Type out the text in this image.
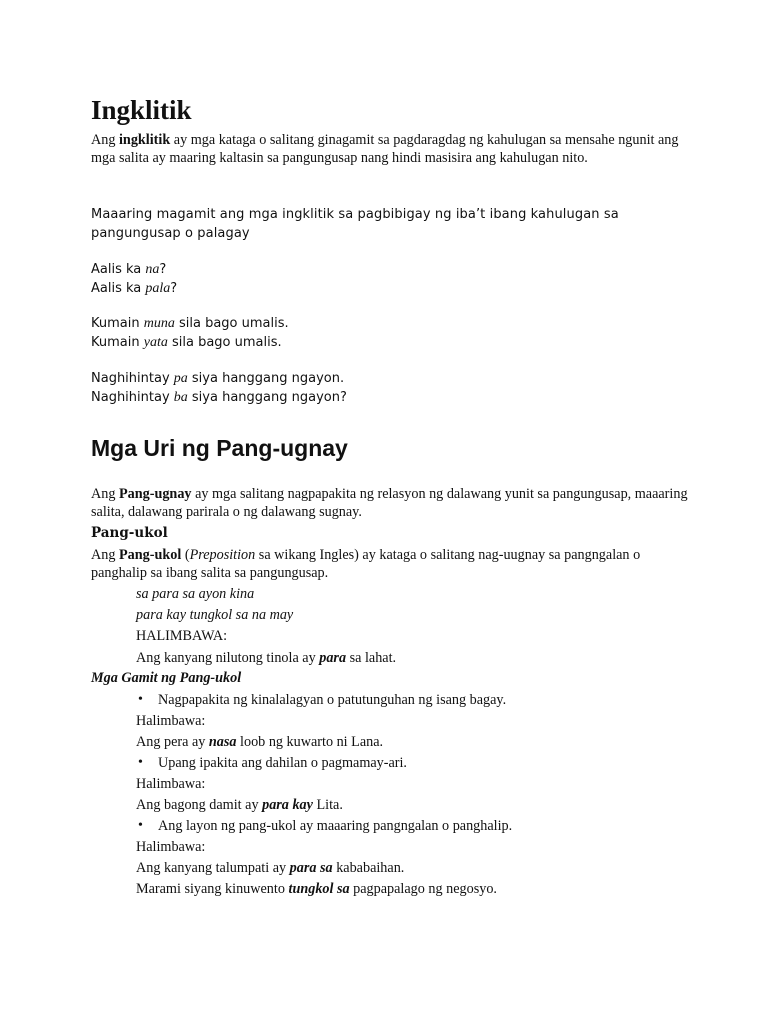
Ingklitik
Ang ingklitik ay mga kataga o salitang ginagamit sa pagdaragdag ng kahulugan sa mensahe ngunit ang mga salita ay maaring kaltasin sa pangungusap nang hindi masisira ang kahulugan nito.
Maaaring magamit ang mga ingklitik sa pagbibigay ng iba’t ibang kahulugan sa pangungusap o palagay
Aalis ka na?
Aalis ka pala?
Kumain muna sila bago umalis.
Kumain yata sila bago umalis.
Naghihintay pa siya hanggang ngayon.
Naghihintay ba siya hanggang ngayon?
Mga Uri ng Pang-ugnay
Ang Pang-ugnay ay mga salitang nagpapakita ng relasyon ng dalawang yunit sa pangungusap, maaaring salita, dalawang parirala o ng dalawang sugnay.
Pang-ukol
Ang Pang-ukol (Preposition sa wikang Ingles) ay kataga o salitang nag-uugnay sa pangngalan o panghalip sa ibang salita sa pangungusap.
sa para sa ayon kina
para kay tungkol sa na may
HALIMBAWA:
Ang kanyang nilutong tinola ay para sa lahat.
Mga Gamit ng Pang-ukol
• Nagpapakita ng kinalalagyan o patutunguhan ng isang bagay.
Halimbawa:
Ang pera ay nasa loob ng kuwarto ni Lana.
• Upang ipakita ang dahilan o pagmamay-ari.
Halimbawa:
Ang bagong damit ay para kay Lita.
• Ang layon ng pang-ukol ay maaaring pangngalan o panghalip.
Halimbawa:
Ang kanyang talumpati ay para sa kababaihan.
Marami siyang kinuwento tungkol sa pagpapalago ng negosyo.
